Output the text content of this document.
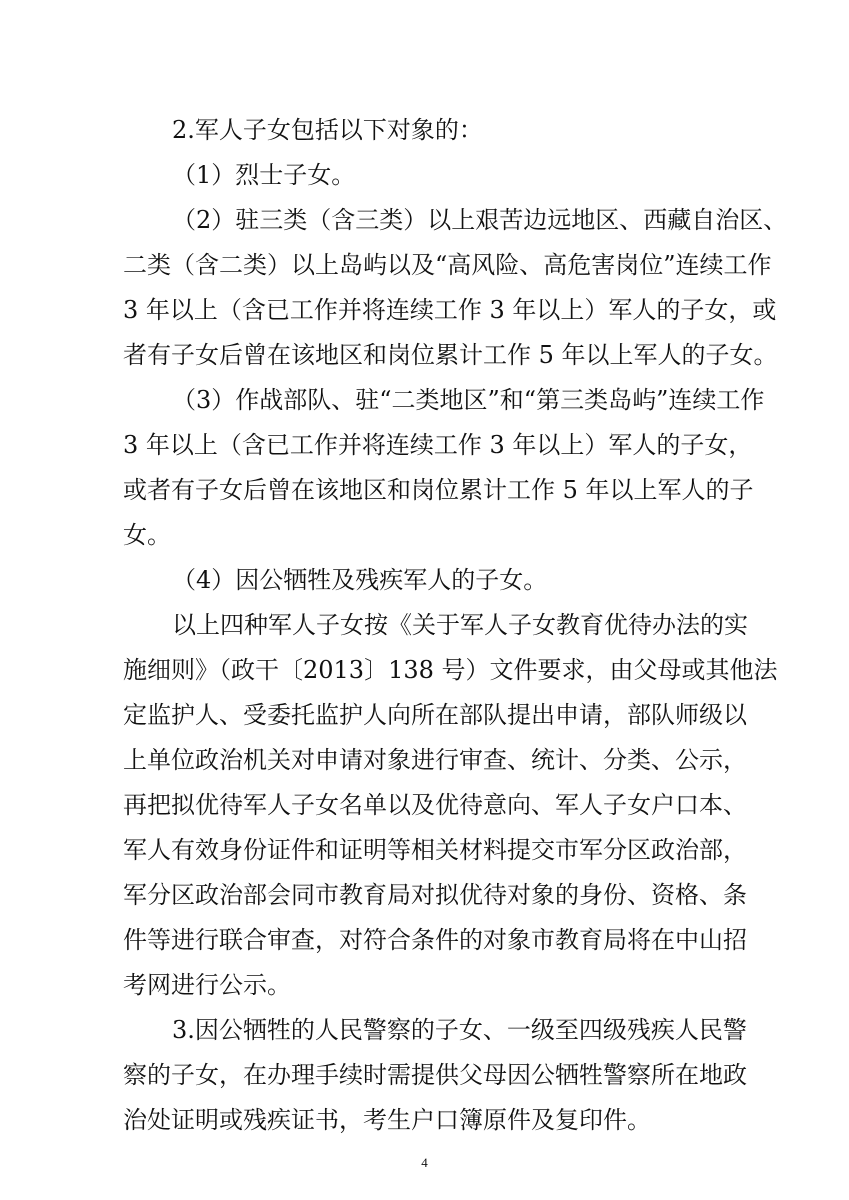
2.军人子女包括以下对象的：
（1）烈士子女。
（2）驻三类（含三类）以上艰苦边远地区、西藏自治区、
二类（含二类）以上岛屿以及“高风险、高危害岗位”连续工作
3 年以上（含已工作并将连续工作 3 年以上）军人的子女，或
者有子女后曾在该地区和岗位累计工作 5 年以上军人的子女。
（3）作战部队、驻“二类地区”和“第三类岛屿”连续工作
3 年以上（含已工作并将连续工作 3 年以上）军人的子女，
或者有子女后曾在该地区和岗位累计工作 5 年以上军人的子
女。
（4）因公牺牲及残疾军人的子女。
以上四种军人子女按《关于军人子女教育优待办法的实
施细则》（政干〔2013〕138 号）文件要求，由父母或其他法
定监护人、受委托监护人向所在部队提出申请，部队师级以
上单位政治机关对申请对象进行审查、统计、分类、公示，
再把拟优待军人子女名单以及优待意向、军人子女户口本、
军人有效身份证件和证明等相关材料提交市军分区政治部，
军分区政治部会同市教育局对拟优待对象的身份、资格、条
件等进行联合审查，对符合条件的对象市教育局将在中山招
考网进行公示。
3.因公牺牲的人民警察的子女、一级至四级残疾人民警
察的子女，在办理手续时需提供父母因公牺牲警察所在地政
治处证明或残疾证书，考生户口簿原件及复印件。
4
